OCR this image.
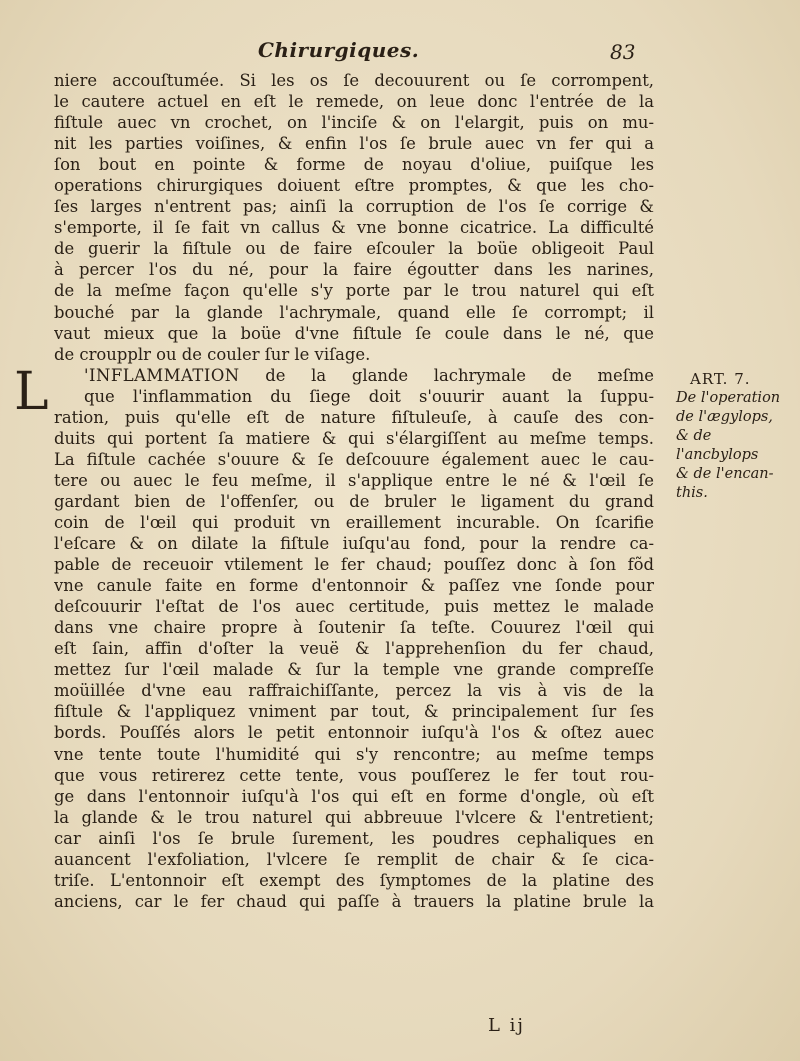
Chirurgiques.	83
niere accouſtumée. Si les os ſe decouurent ou ſe corrompent,
le cautere actuel en eſt le remede, on leue donc l'entrée de la
fiſtule auec vn crochet, on l'inciſe & on l'elargit, puis on mu-
nit les parties voiſines, & enfin l'os ſe brule auec vn fer qui a
ſon bout en pointe & forme de noyau d'oliue, puiſque les
operations chirurgiques doiuent eſtre promptes, & que les cho-
ſes larges n'entrent pas; ainſi la corruption de l'os ſe corrige &
s'emporte, il ſe fait vn callus & vne bonne cicatrice. La difficulté
de guerir la fiſtule ou de faire eſcouler la boüe obligeoit Paul
à percer l'os du né, pour la faire égoutter dans les narines,
de la meſme façon qu'elle s'y porte par le trou naturel qui eſt
bouché par la glande l'achrymale, quand elle ſe corrompt; il
vaut mieux que la boüe d'vne fiſtule ſe coule dans le né, que
de croupplr ou de couler ſur le viſage.
'INFLAMMATION de la glande lachrymale de meſme
que l'inflammation du ſiege doit s'ouurir auant la ſuppu-
ration, puis qu'elle eſt de nature fiſtuleuſe, à cauſe des con-
duits qui portent ſa matiere & qui s'élargiſſent au meſme temps.
La fiſtule cachée s'ouure & ſe deſcouure également auec le cau-
tere ou auec le feu meſme, il s'applique entre le né & l'œil ſe
gardant bien de l'offenſer, ou de bruler le ligament du grand
coin de l'œil qui produit vn eraillement incurable. On ſcarifie
l'eſcare & on dilate la fiſtule iuſqu'au fond, pour la rendre ca-
pable de receuoir vtilement le fer chaud; pouſſez donc à ſon fõd
vne canule faite en forme d'entonnoir & paſſez vne ſonde pour
deſcouurir l'eſtat de l'os auec certitude, puis mettez le malade
dans vne chaire propre à ſoutenir ſa teſte. Couurez l'œil qui
eſt ſain, affin d'oſter la veuë & l'apprehenſion du fer chaud,
mettez ſur l'œil malade & ſur la temple vne grande compreſſe
moüillée d'vne eau raffraichiſſante, percez la vis à vis de la
fiſtule & l'appliquez vniment par tout, & principalement ſur ſes
bords. Pouſſés alors le petit entonnoir iuſqu'à l'os & oſtez auec
vne tente toute l'humidité qui s'y rencontre; au meſme temps
que vous retirerez cette tente, vous pouſſerez le fer tout rou-
ge dans l'entonnoir iuſqu'à l'os qui eſt en forme d'ongle, où eſt
la glande & le trou naturel qui abbreuue l'vlcere & l'entretient;
car ainſi l'os ſe brule ſurement, les poudres cephaliques en
auancent l'exfoliation, l'vlcere ſe remplit de chair & ſe cica-
triſe. L'entonnoir eſt exempt des ſymptomes de la platine des
anciens, car le fer chaud qui paſſe à trauers la platine brule la
L	ART. 7.
De l'operation
de l'ægylops,
& de l'ancbylops
& de l'encan-
this.
L ij
